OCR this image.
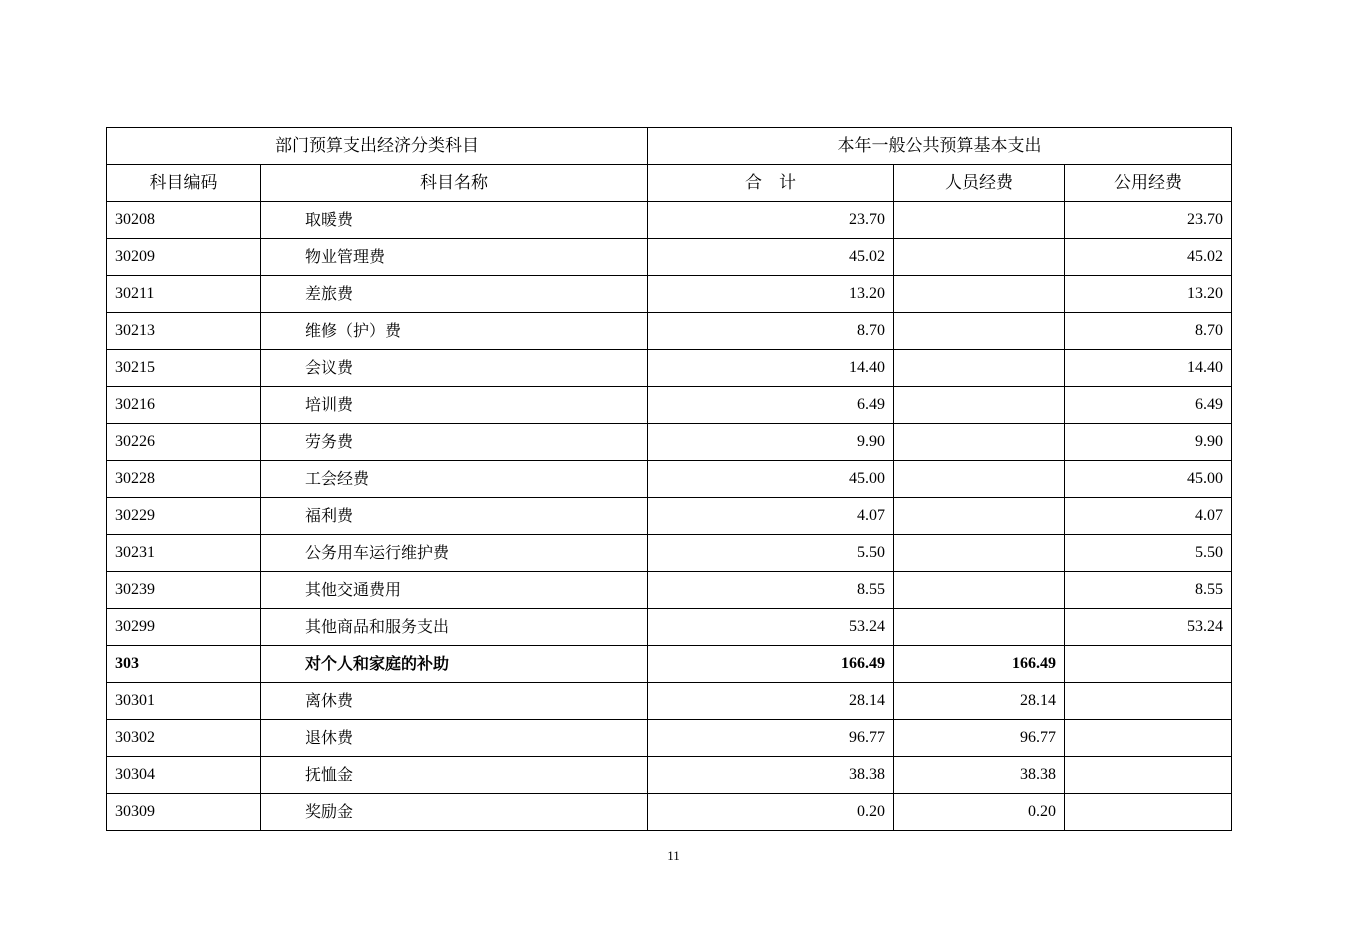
部门预算支出经济分类科目		本年一般公共预算基本支出		
科目编码	科目名称	合　计	人员经费	公用经费
30208	取暖费	23.70		23.70
30209	物业管理费	45.02		45.02
30211	差旅费	13.20		13.20
30213	维修（护）费	8.70		8.70
30215	会议费	14.40		14.40
30216	培训费	6.49		6.49
30226	劳务费	9.90		9.90
30228	工会经费	45.00		45.00
30229	福利费	4.07		4.07
30231	公务用车运行维护费	5.50		5.50
30239	其他交通费用	8.55		8.55
30299	其他商品和服务支出	53.24		53.24
303	对个人和家庭的补助	166.49	166.49	
30301	离休费	28.14	28.14	
30302	退休费	96.77	96.77	
30304	抚恤金	38.38	38.38	
30309	奖励金	0.20	0.20	
11
